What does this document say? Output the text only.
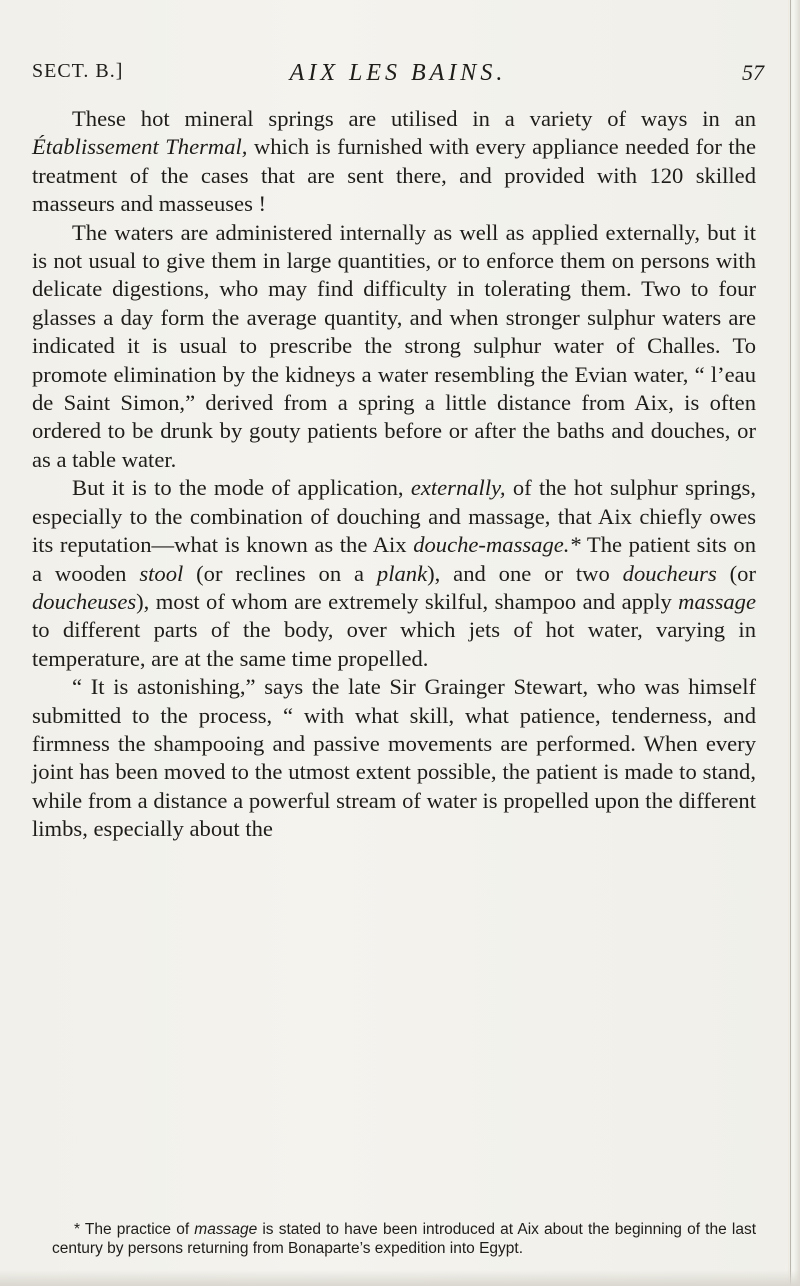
SECT. B.]	AIX LES BAINS.	57

These hot mineral springs are utilised in a variety of ways in an Établissement Thermal, which is furnished with every appliance needed for the treatment of the cases that are sent there, and provided with 120 skilled masseurs and masseuses !

The waters are administered internally as well as applied externally, but it is not usual to give them in large quantities, or to enforce them on persons with delicate digestions, who may find difficulty in tolerating them. Two to four glasses a day form the average quantity, and when stronger sulphur waters are indicated it is usual to prescribe the strong sulphur water of Challes. To promote elimination by the kidneys a water resembling the Evian water, “ l’eau de Saint Simon,” derived from a spring a little distance from Aix, is often ordered to be drunk by gouty patients before or after the baths and douches, or as a table water.

But it is to the mode of application, externally, of the hot sulphur springs, especially to the combination of douching and massage, that Aix chiefly owes its reputation—what is known as the Aix douche-massage.* The patient sits on a wooden stool (or reclines on a plank), and one or two doucheurs (or doucheuses), most of whom are extremely skilful, shampoo and apply massage to different parts of the body, over which jets of hot water, varying in temperature, are at the same time propelled.

“ It is astonishing,” says the late Sir Grainger Stewart, who was himself submitted to the process, “ with what skill, what patience, tenderness, and firmness the shampooing and passive movements are performed. When every joint has been moved to the utmost extent possible, the patient is made to stand, while from a distance a powerful stream of water is propelled upon the different limbs, especially about the

* The practice of massage is stated to have been introduced at Aix about the beginning of the last century by persons returning from Bonaparte’s expedition into Egypt.
